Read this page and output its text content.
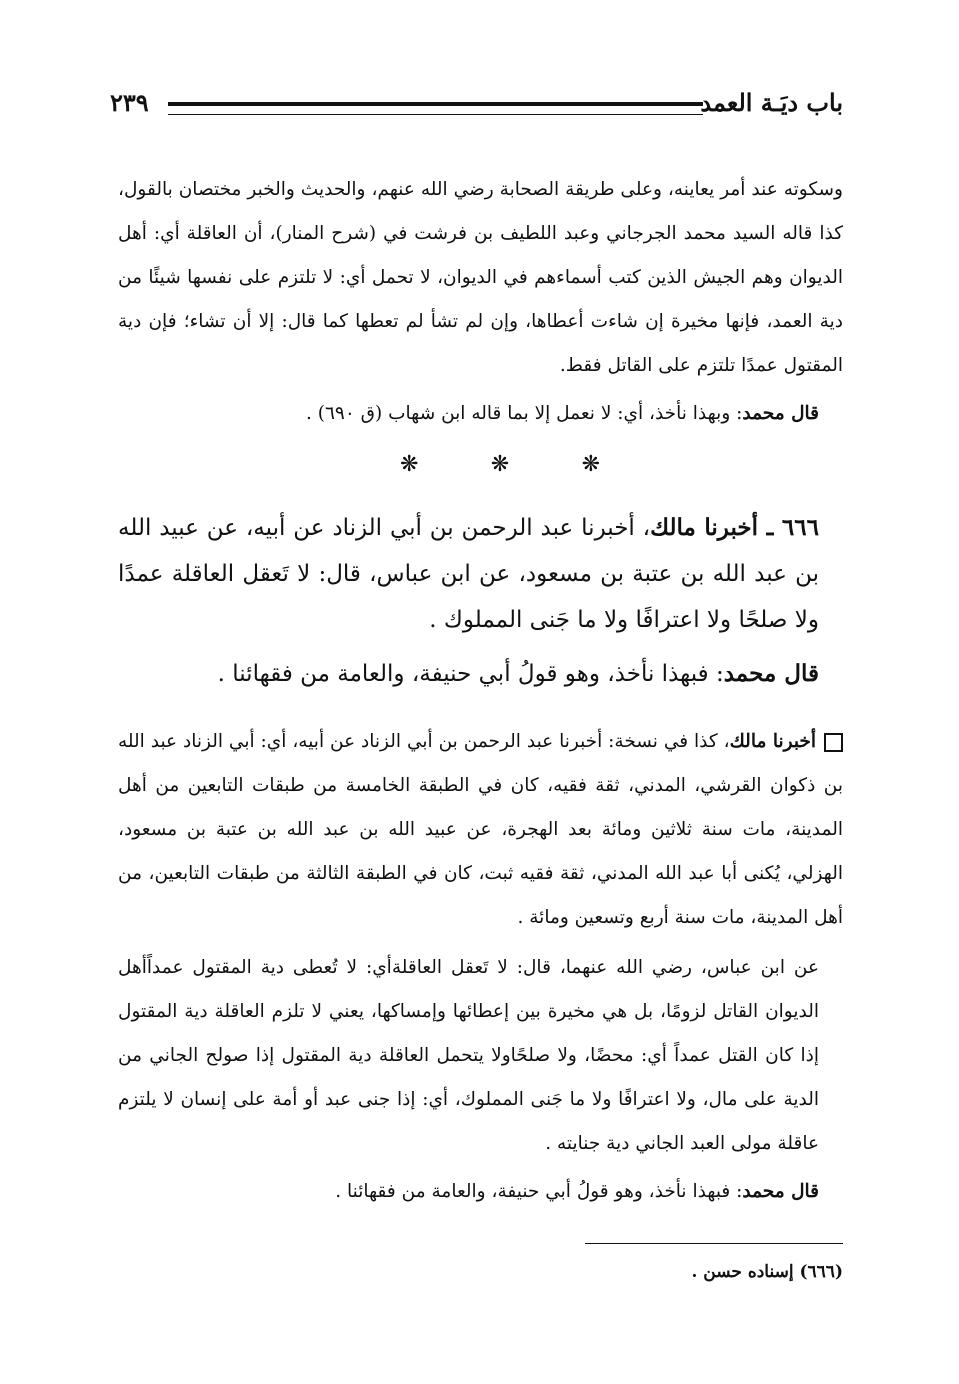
٢٣٩	باب ديَـة العمد

وسكوته عند أمر يعاينه، وعلى طريقة الصحابة رضي الله عنهم، والحديث والخبر مختصان بالقول، كذا قاله السيد محمد الجرجاني وعبد اللطيف بن فرشت في (شرح المنار)، أن العاقلة أي: أهل الديوان وهم الجيش الذين كتب أسماءهم في الديوان، لا تحمل أي: لا تلتزم على نفسها شيئًا من دية العمد، فإنها مخيرة إن شاءت أعطاها، وإن لم تشأ لم تعطها كما قال: إلا أن تشاء؛ فإن دية المقتول عمدًا تلتزم على القاتل فقط.

قال محمد: وبهذا نأخذ، أي: لا نعمل إلا بما قاله ابن شهاب (ق ٦٩٠) .

❋
❋
❋

٦٦٦ ـ أخبرنا مالك، أخبرنا عبد الرحمن بن أبي الزناد عن أبيه، عن عبيد الله بن عبد الله بن عتبة بن مسعود، عن ابن عباس، قال: لا تَعقل العاقلة عمدًا ولا صلحًا ولا اعترافًا ولا ما جَنى المملوك .

قال محمد: فبهذا نأخذ، وهو قولُ أبي حنيفة، والعامة من فقهائنا .

أخبرنا مالك، كذا في نسخة: أخبرنا عبد الرحمن بن أبي الزناد عن أبيه، أي: أبي الزناد عبد الله بن ذكوان القرشي، المدني، ثقة فقيه، كان في الطبقة الخامسة من طبقات التابعين من أهل المدينة، مات سنة ثلاثين ومائة بعد الهجرة، عن عبيد الله بن عبد الله بن عتبة بن مسعود، الهزلي، يُكنى أبا عبد الله المدني، ثقة فقيه ثبت، كان في الطبقة الثالثة من طبقات التابعين، من أهل المدينة، مات سنة أربع وتسعين ومائة .

عن ابن عباس، رضي الله عنهما، قال: لا تَعقل العاقلةأي: لا تُعطى دية المقتول عمداًأهل الديوان القاتل لزومًا، بل هي مخيرة بين إعطائها وإمساكها، يعني لا تلزم العاقلة دية المقتول إذا كان القتل عمداً أي: محضًا، ولا صلحًاولا يتحمل العاقلة دية المقتول إذا صولح الجاني من الدية على مال، ولا اعترافًا ولا ما جَنى المملوك، أي: إذا جنى عبد أو أمة على إنسان لا يلتزم عاقلة مولى العبد الجاني دية جنايته .

قال محمد: فبهذا نأخذ، وهو قولُ أبي حنيفة، والعامة من فقهائنا .

(٦٦٦) إسناده حسن .
